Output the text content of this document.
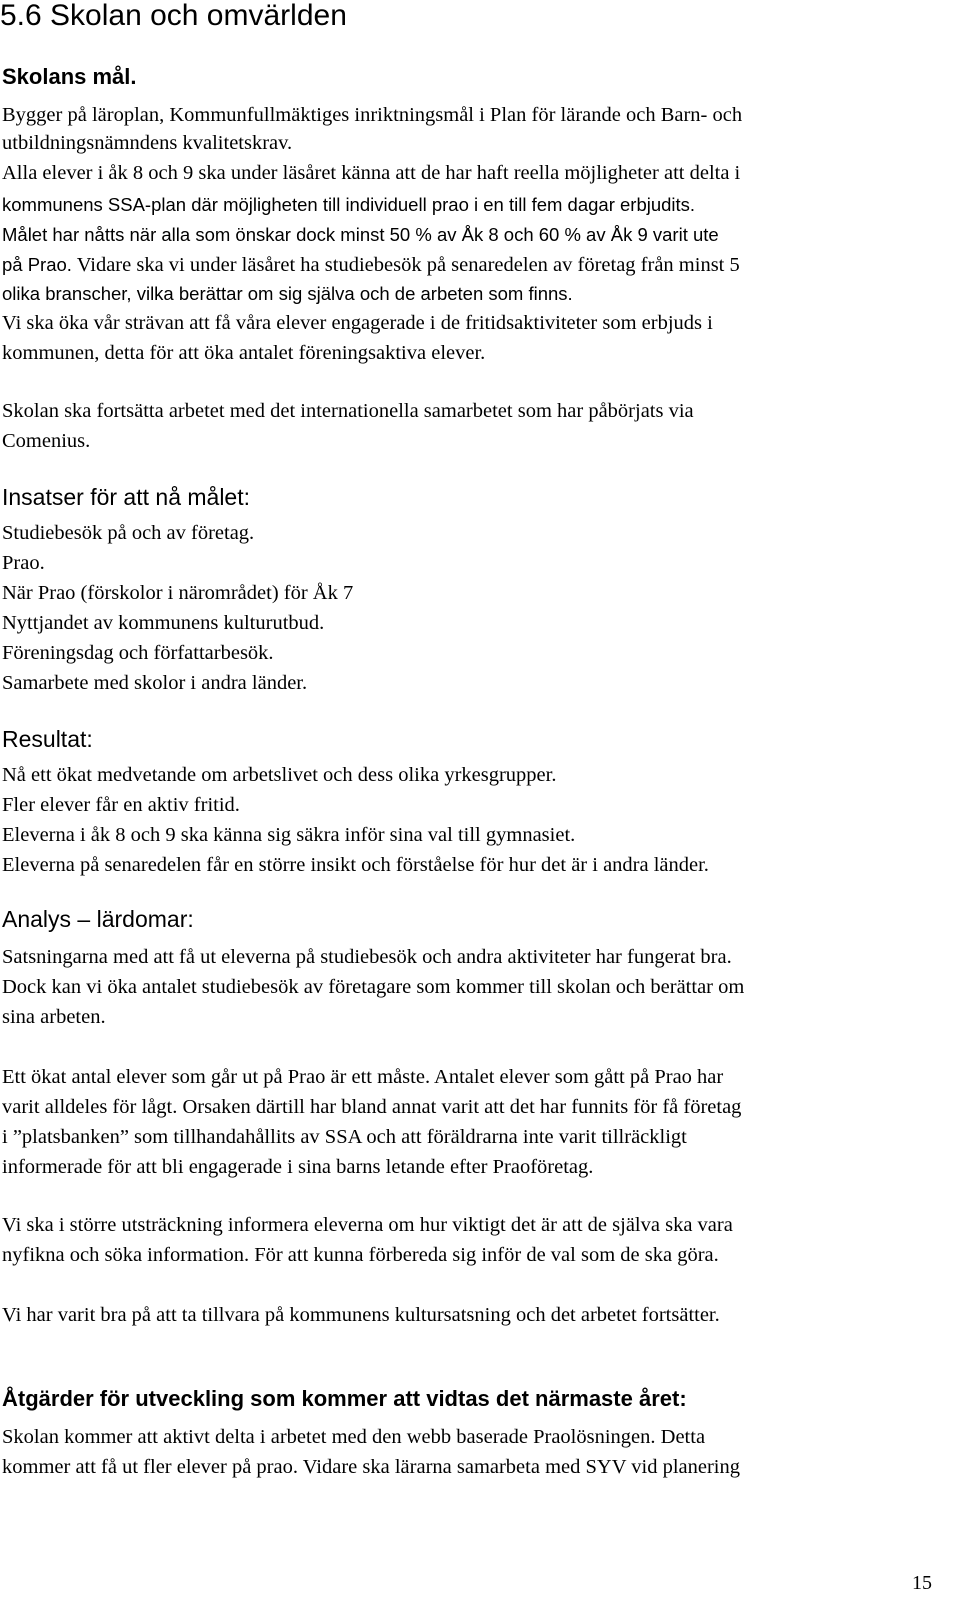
5.6 Skolan och omvärlden
Skolans mål.
Bygger på läroplan, Kommunfullmäktiges inriktningsmål i Plan för lärande och Barn- och
utbildningsnämndens kvalitetskrav.
Alla elever i åk 8 och 9 ska under läsåret känna att de har haft reella möjligheter att delta i
kommunens SSA-plan där möjligheten till individuell prao i en till fem dagar erbjudits.
Målet har nåtts när alla som önskar dock minst 50 % av Åk 8 och 60 % av Åk 9 varit ute
på Prao. Vidare ska vi under läsåret ha studiebesök på senaredelen av företag från minst 5
olika branscher, vilka berättar om sig själva och de arbeten som finns.
Vi ska öka vår strävan att få våra elever engagerade i de fritidsaktiviteter som erbjuds i
kommunen, detta för att öka antalet föreningsaktiva elever.
Skolan ska fortsätta arbetet med det internationella samarbetet som har påbörjats via
Comenius.
Insatser för att nå målet:
Studiebesök på och av företag.
Prao.
När Prao (förskolor i närområdet) för Åk 7
Nyttjandet av kommunens kulturutbud.
Föreningsdag och författarbesök.
Samarbete med skolor i andra länder.
Resultat:
Nå ett ökat medvetande om arbetslivet och dess olika yrkesgrupper.
Fler elever får en aktiv fritid.
Eleverna i åk 8 och 9 ska känna sig säkra inför sina val till gymnasiet.
Eleverna på senaredelen får en större insikt och förståelse för hur det är i andra länder.
Analys – lärdomar:
Satsningarna med att få ut eleverna på studiebesök och andra aktiviteter har fungerat bra.
Dock kan vi öka antalet studiebesök av företagare som kommer till skolan och berättar om
sina arbeten.
Ett ökat antal elever som går ut på Prao är ett måste. Antalet elever som gått på Prao har
varit alldeles för lågt. Orsaken därtill har bland annat varit att det har funnits för få företag
i ”platsbanken” som tillhandahållits av SSA och att föräldrarna inte varit tillräckligt
informerade för att bli engagerade i sina barns letande efter Praoföretag.
Vi ska i större utsträckning informera eleverna om hur viktigt det är att de själva ska vara
nyfikna och söka information. För att kunna förbereda sig inför de val som de ska göra.
Vi har varit bra på att ta tillvara på kommunens kultursatsning och det arbetet fortsätter.
Åtgärder för utveckling som kommer att vidtas det närmaste året:
Skolan kommer att aktivt delta i arbetet med den webb baserade Praolösningen. Detta
kommer att få ut fler elever på prao. Vidare ska lärarna samarbeta med SYV vid planering
15
